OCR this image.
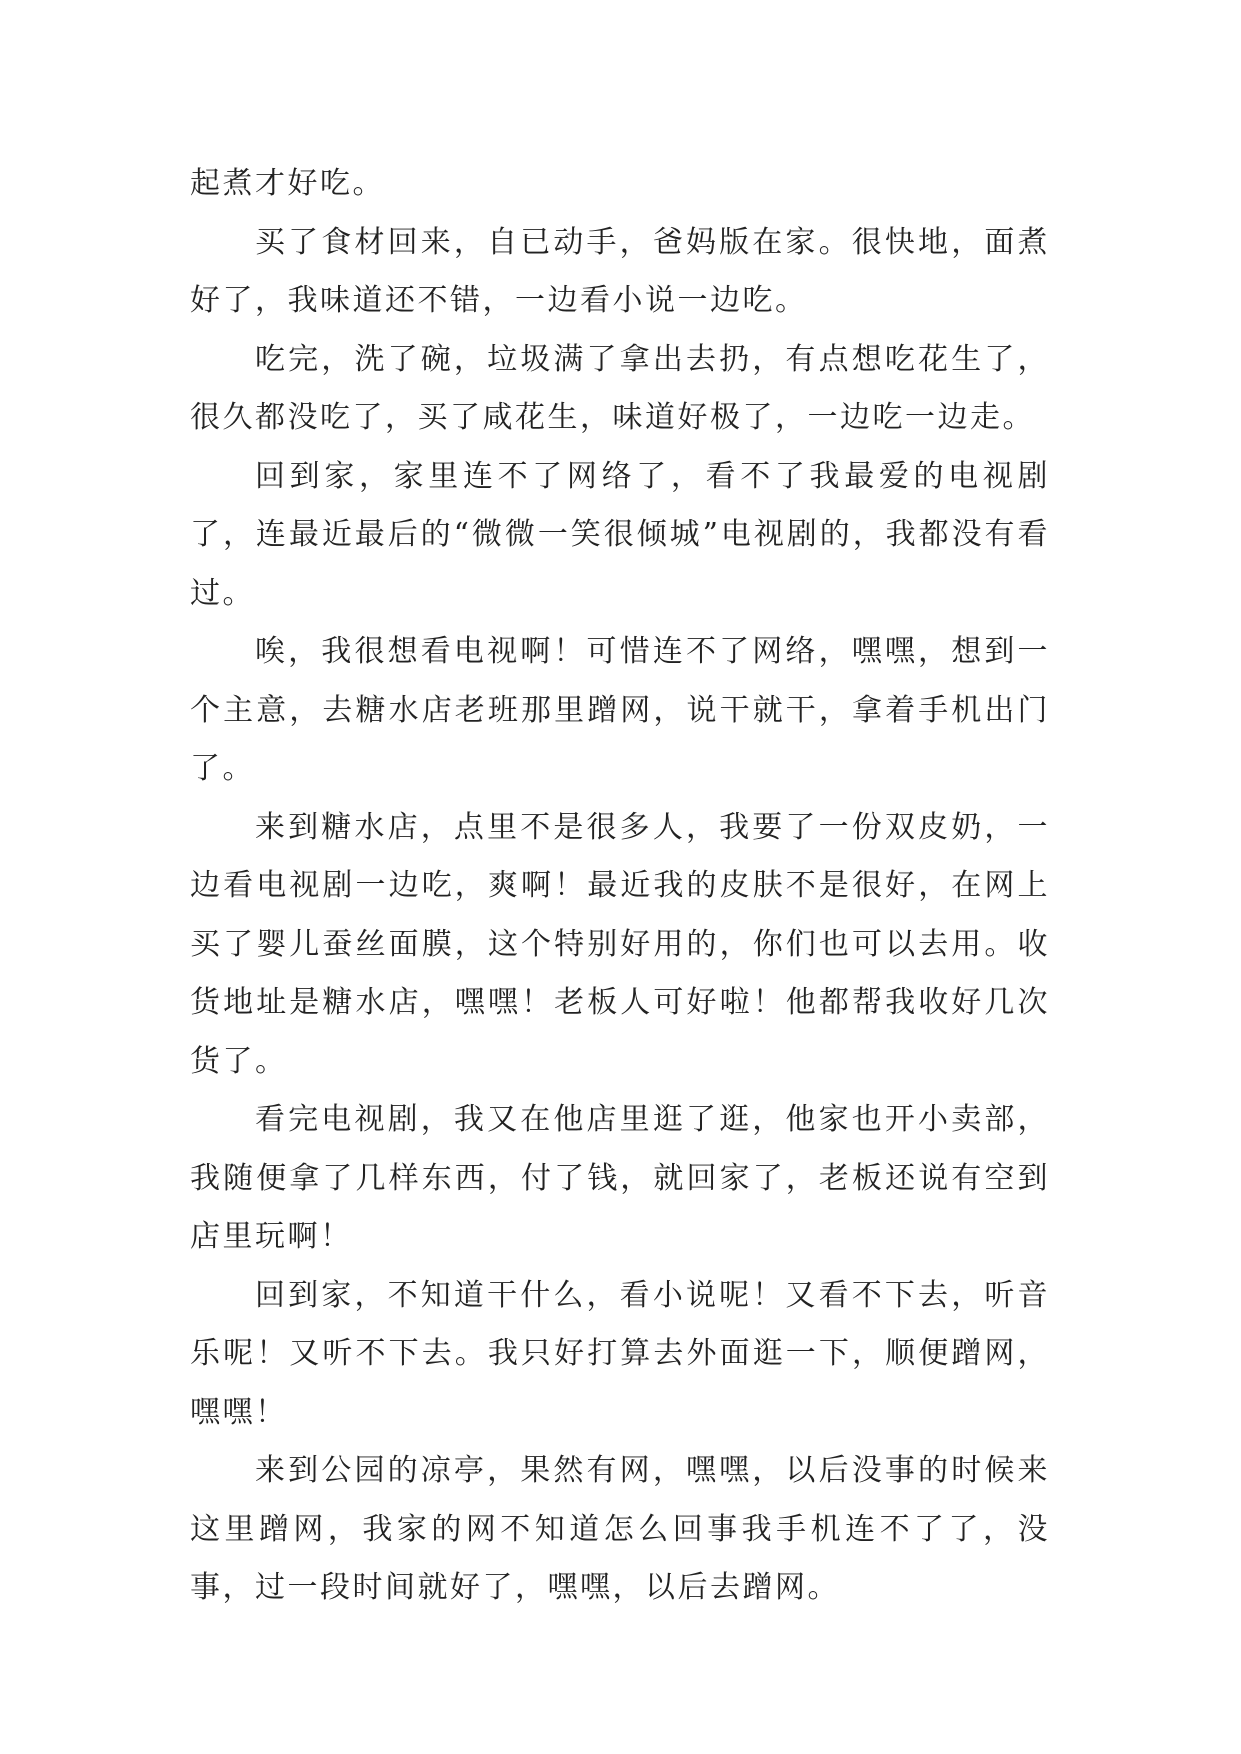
起煮才好吃。

买了食材回来，自已动手，爸妈版在家。很快地，面煮好了，我味道还不错，一边看小说一边吃。

吃完，洗了碗，垃圾满了拿出去扔，有点想吃花生了，很久都没吃了，买了咸花生，味道好极了，一边吃一边走。

回到家，家里连不了网络了，看不了我最爱的电视剧了，连最近最后的“微微一笑很倾城”电视剧的，我都没有看过。

唉，我很想看电视啊！可惜连不了网络，嘿嘿，想到一个主意，去糖水店老班那里蹭网，说干就干，拿着手机出门了。

来到糖水店，点里不是很多人，我要了一份双皮奶，一边看电视剧一边吃，爽啊！最近我的皮肤不是很好，在网上买了婴儿蚕丝面膜，这个特别好用的，你们也可以去用。收货地址是糖水店，嘿嘿！老板人可好啦！他都帮我收好几次货了。

看完电视剧，我又在他店里逛了逛，他家也开小卖部，我随便拿了几样东西，付了钱，就回家了，老板还说有空到店里玩啊！

回到家，不知道干什么，看小说呢！又看不下去，听音乐呢！又听不下去。我只好打算去外面逛一下，顺便蹭网，嘿嘿！

来到公园的凉亭，果然有网，嘿嘿，以后没事的时候来这里蹭网，我家的网不知道怎么回事我手机连不了了，没事，过一段时间就好了，嘿嘿，以后去蹭网。
